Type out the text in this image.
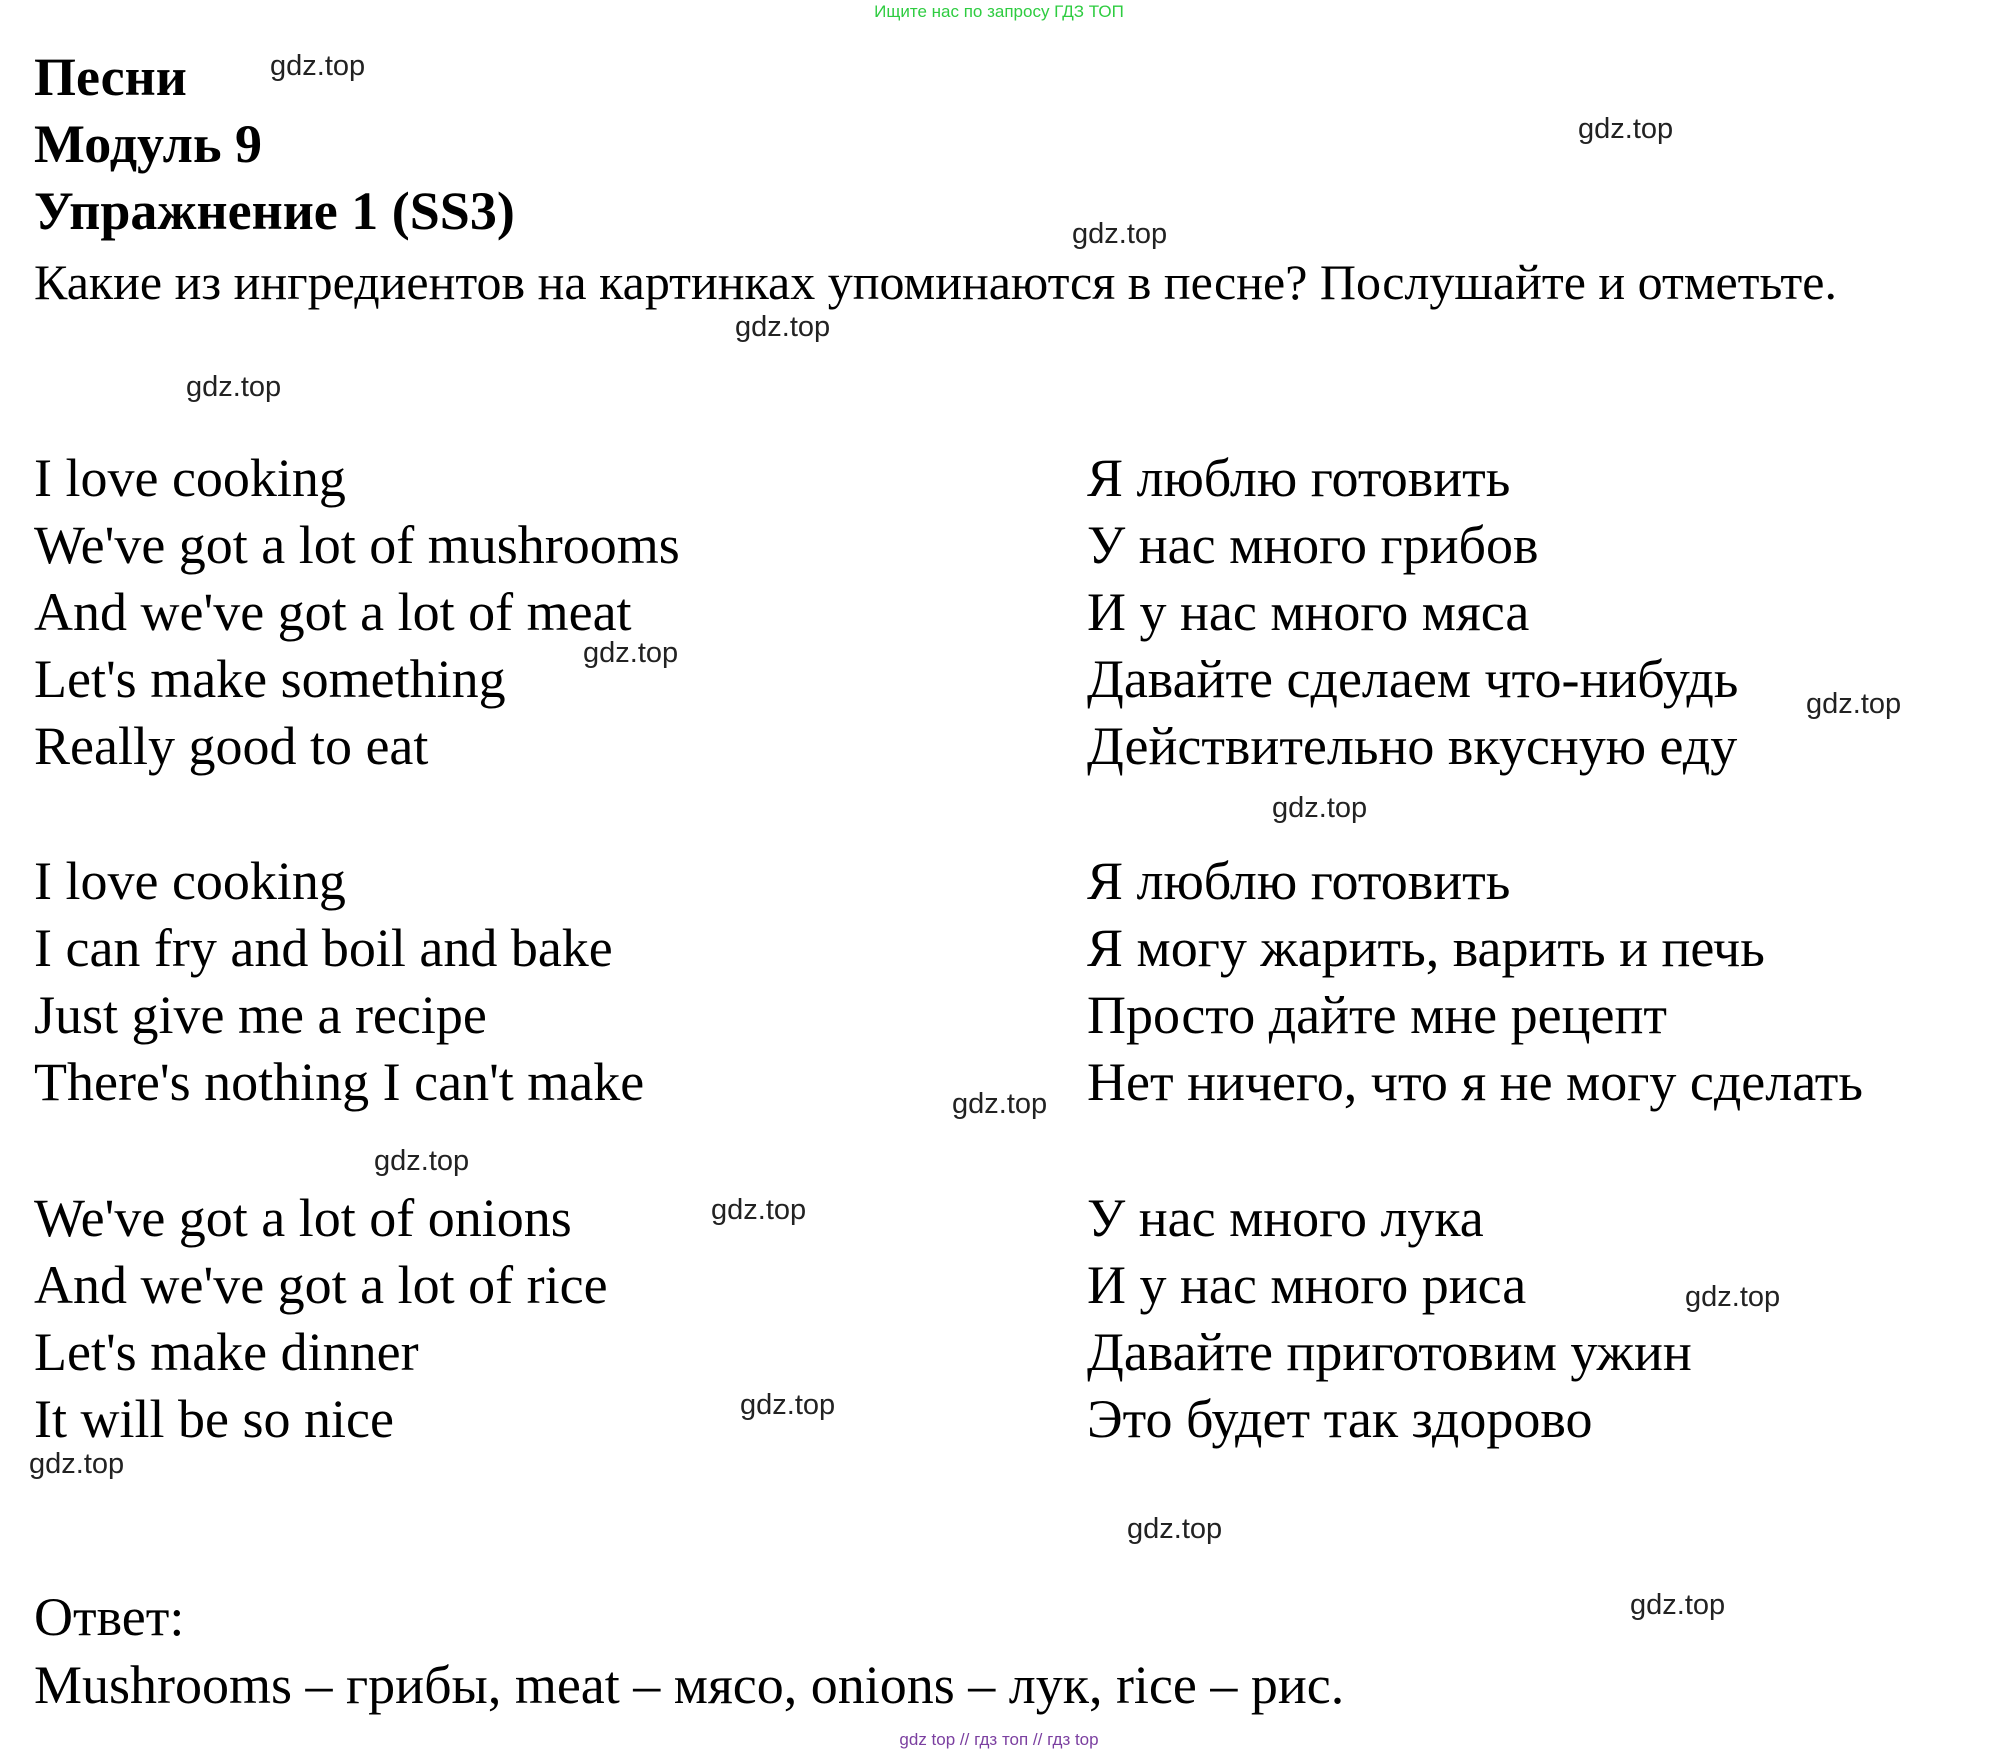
Ищите нас по запросу ГДЗ ТОП
Песни
Модуль 9
Упражнение 1 (SS3)

Какие из ингредиентов на картинках упоминаются в песне? Послушайте и отметьте.

I love cooking
We've got a lot of mushrooms
And we've got a lot of meat
Let's make something
Really good to eat
Я люблю готовить
У нас много грибов
И у нас много мяса
Давайте сделаем что-нибудь
Действительно вкусную еду
I love cooking
I can fry and boil and bake
Just give me a recipe
There's nothing I can't make
Я люблю готовить
Я могу жарить, варить и печь
Просто дайте мне рецепт
Нет ничего, что я не могу сделать
We've got a lot of onions
And we've got a lot of rice
Let's make dinner
It will be so nice
У нас много лука
И у нас много риса
Давайте приготовим ужин
Это будет так здорово
Ответ:
Mushrooms – грибы, meat – мясо, onions – лук, rice – рис.
gdz.top
gdz.top
gdz.top
gdz.top
gdz.top
gdz.top
gdz.top
gdz.top
gdz.top
gdz.top
gdz.top
gdz.top
gdz.top
gdz.top
gdz.top
gdz.top
gdz top // гдз топ // гдз top
